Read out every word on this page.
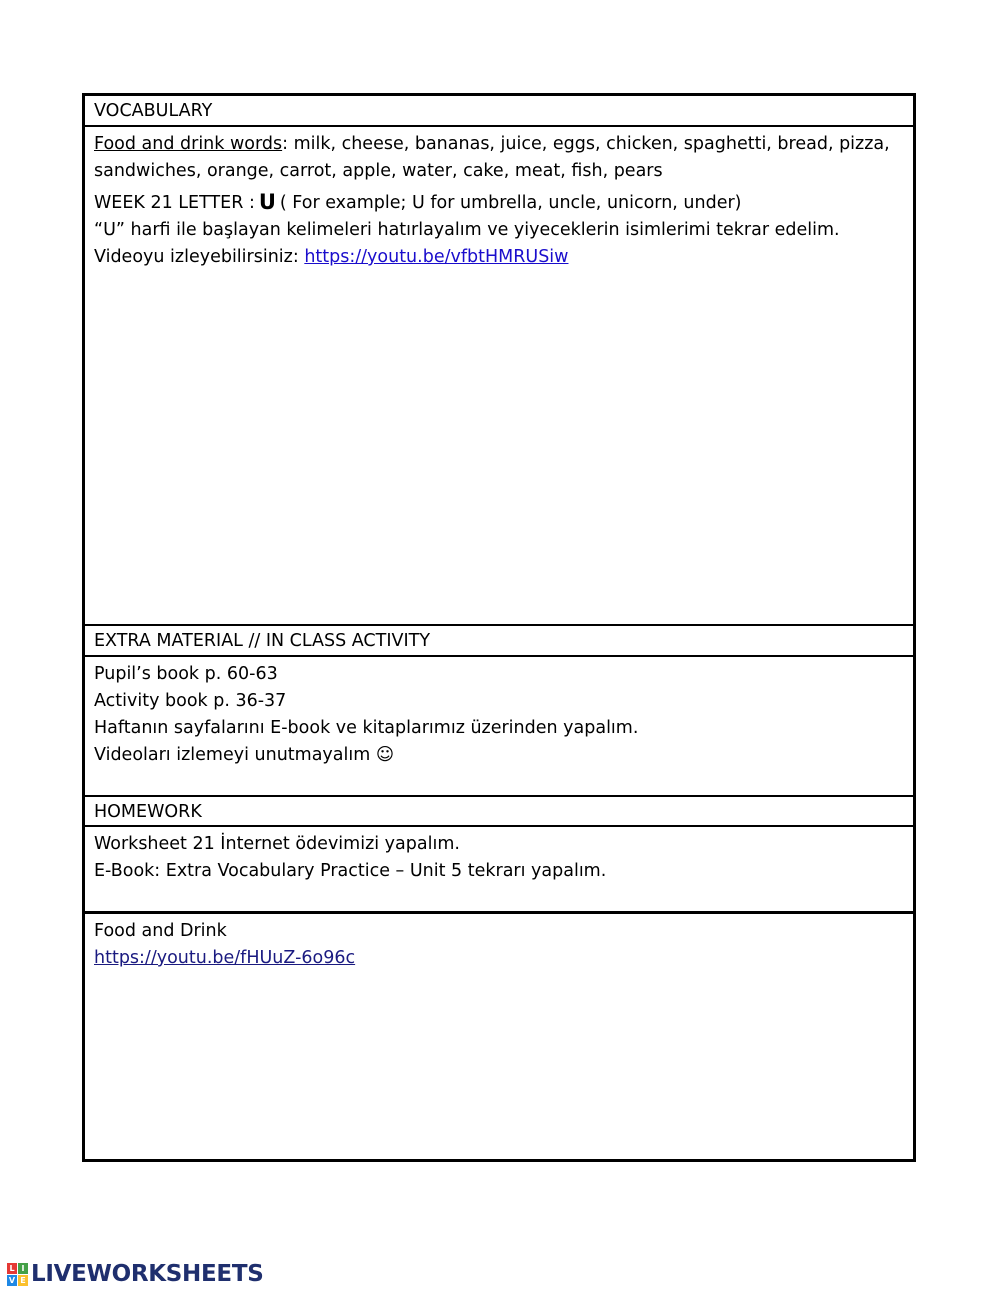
VOCABULARY
Food and drink words: milk, cheese, bananas, juice, eggs, chicken, spaghetti, bread, pizza,
sandwiches, orange, carrot, apple, water, cake, meat, fish, pears
WEEK 21 LETTER : U ( For example; U for umbrella, uncle, unicorn, under)
“U” harfi ile başlayan kelimeleri hatırlayalım ve yiyeceklerin isimlerimi tekrar edelim.
Videoyu izleyebilirsiniz: https://youtu.be/vfbtHMRUSiw
EXTRA MATERIAL // IN CLASS ACTIVITY
Pupil’s book p. 60-63
Activity book p. 36-37
Haftanın sayfalarını E-book ve kitaplarımız üzerinden yapalım.
Videoları izlemeyi unutmayalım ☺
HOMEWORK
Worksheet 21 İnternet ödevimizi yapalım.
E-Book: Extra Vocabulary Practice – Unit 5 tekrarı yapalım.
Food and Drink
https://youtu.be/fHUuZ-6o96c
L I
V E LIVEWORKSHEETS
